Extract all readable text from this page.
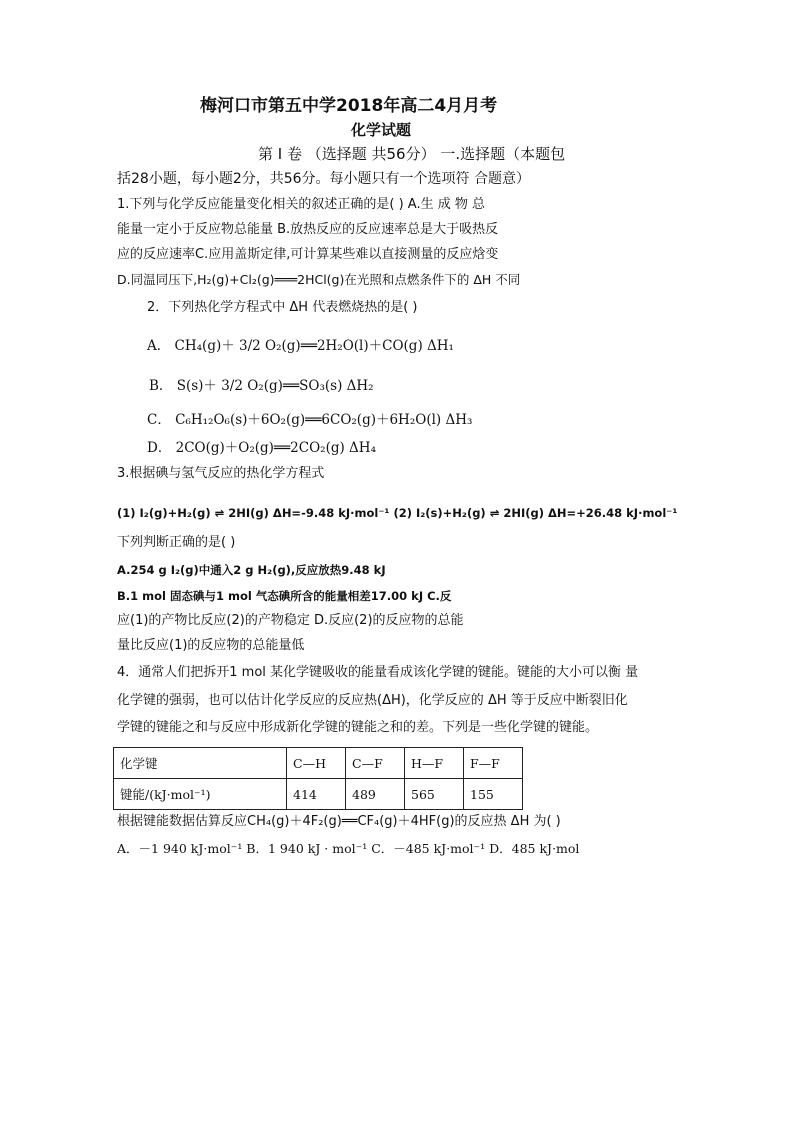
梅河口市第五中学2018年高二4月月考
化学试题
第 I 卷 （选择题 共56分） 一.选择题（本题包
括28小题，每小题2分，共56分。每小题只有一个选项符 合题意）
1.下列与化学反应能量变化相关的叙述正确的是( ) A.生 成 物 总
能量一定小于反应物总能量 B.放热反应的反应速率总是大于吸热反
应的反应速率C.应用盖斯定律,可计算某些难以直接测量的反应焓变
D.同温同压下,H₂(g)+Cl₂(g)═══2HCl(g)在光照和点燃条件下的 ΔH 不同
2．下列热化学方程式中 ΔH 代表燃烧热的是( )
A． CH₄(g)＋ 3/2 O₂(g)══2H₂O(l)＋CO(g) ΔH₁
B． S(s)＋ 3/2 O₂(g)══SO₃(s) ΔH₂
C． C₆H₁₂O₆(s)＋6O₂(g)══6CO₂(g)＋6H₂O(l) ΔH₃
D． 2CO(g)＋O₂(g)══2CO₂(g) ΔH₄
3.根据碘与氢气反应的热化学方程式
(1) I₂(g)+H₂(g) ⇌ 2HI(g) ΔH=-9.48 kJ·mol⁻¹ (2) I₂(s)+H₂(g) ⇌ 2HI(g) ΔH=+26.48 kJ·mol⁻¹
下列判断正确的是( )
A.254 g I₂(g)中通入2 g H₂(g),反应放热9.48 kJ
B.1 mol 固态碘与1 mol 气态碘所含的能量相差17.00 kJ C.反
应(1)的产物比反应(2)的产物稳定 D.反应(2)的反应物的总能
量比反应(1)的反应物的总能量低
4．通常人们把拆开1 mol 某化学键吸收的能量看成该化学键的键能。键能的大小可以衡 量
化学键的强弱，也可以估计化学反应的反应热(ΔH)，化学反应的 ΔH 等于反应中断裂旧化
学键的键能之和与反应中形成新化学键的键能之和的差。下列是一些化学键的键能。
化学键	C—H	C—F	H—F	F—F
键能/(kJ·mol⁻¹)	414	489	565	155
根据键能数据估算反应CH₄(g)＋4F₂(g)══CF₄(g)＋4HF(g)的反应热 ΔH 为( )
A．－1 940 kJ·mol⁻¹ B．1 940 kJ · mol⁻¹ C．－485 kJ·mol⁻¹ D．485 kJ·mol
